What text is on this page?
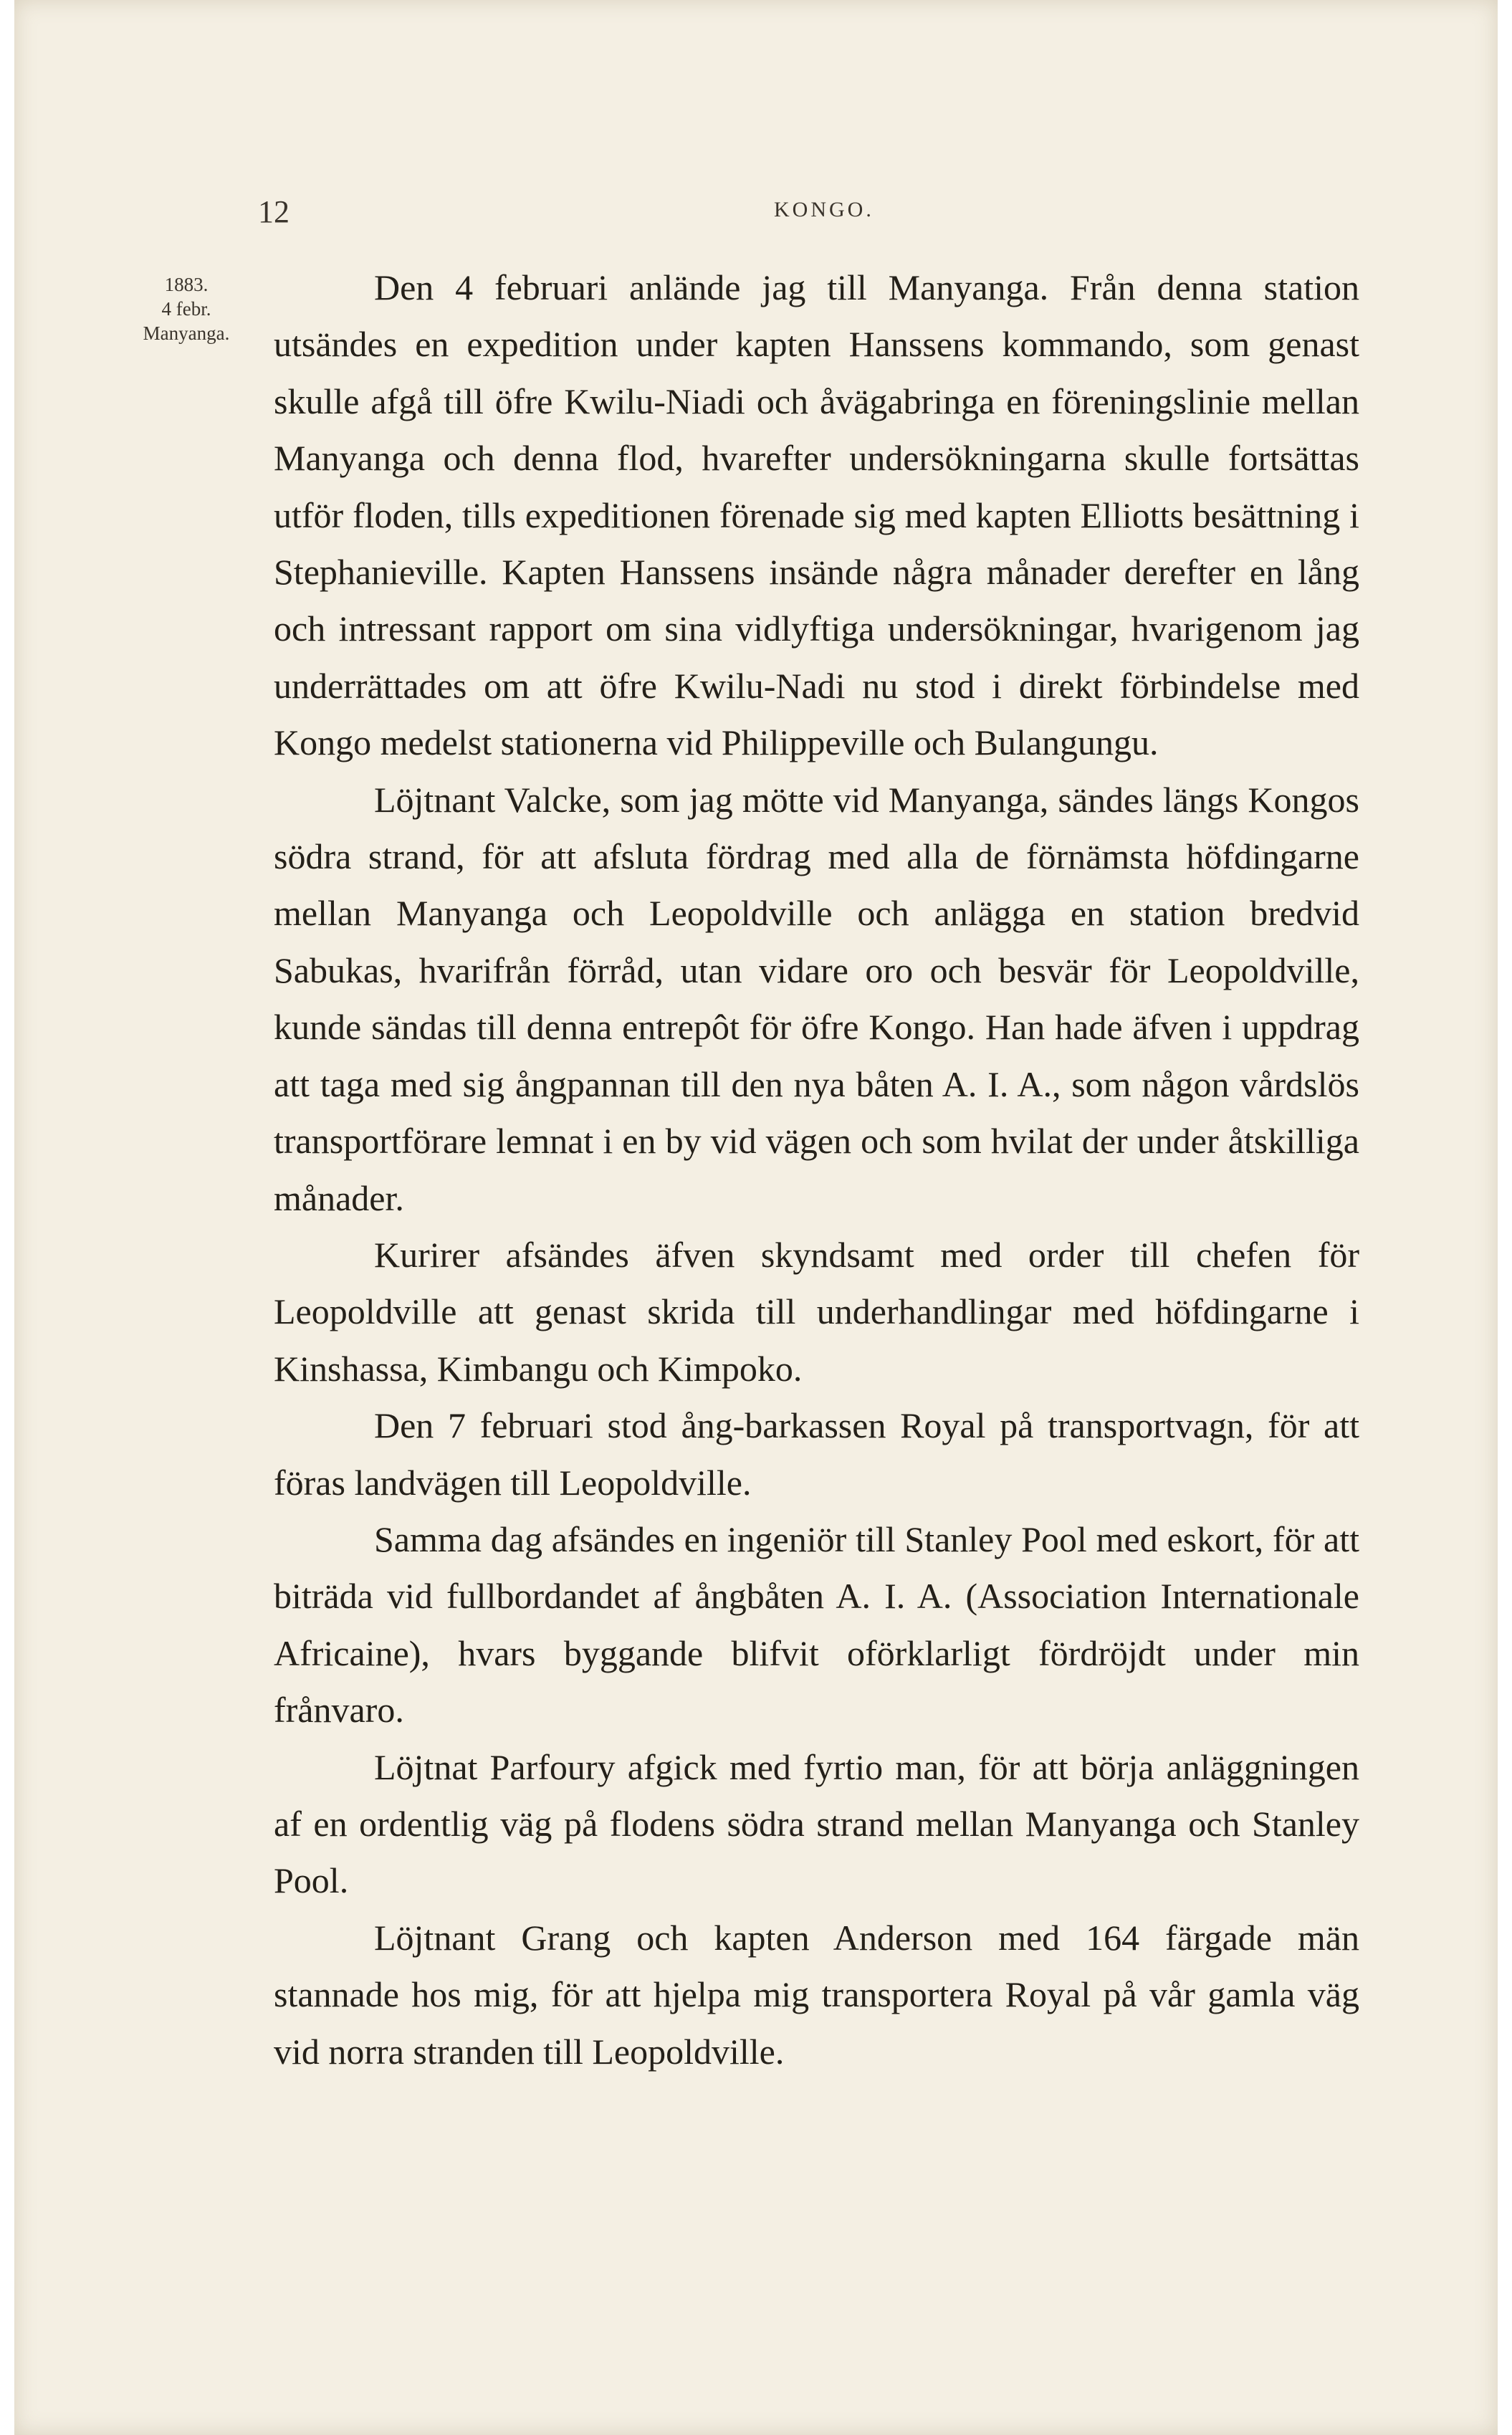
12	KONGO.
1883.
4 febr.
Manyanga.

Den 4 februari anlände jag till Manyanga. Från denna station utsändes en expedition under kapten Hanssens kommando, som genast skulle afgå till öfre Kwilu-Niadi och åvägabringa en föreningslinie mellan Manyanga och denna flod, hvarefter undersökningarna skulle fortsättas utför floden, tills expeditionen förenade sig med kapten Elliotts besättning i Stephanieville. Kapten Hanssens insände några månader derefter en lång och intressant rapport om sina vidlyftiga undersökningar, hvarigenom jag underrättades om att öfre Kwilu-Nadi nu stod i direkt förbindelse med Kongo medelst stationerna vid Philippeville och Bulangungu.

Löjtnant Valcke, som jag mötte vid Manyanga, sändes längs Kongos södra strand, för att afsluta fördrag med alla de förnämsta höfdingarne mellan Manyanga och Leopoldville och anlägga en station bredvid Sabukas, hvarifrån förråd, utan vidare oro och besvär för Leopoldville, kunde sändas till denna entrepôt för öfre Kongo. Han hade äfven i uppdrag att taga med sig ångpannan till den nya båten A. I. A., som någon vårdslös transportförare lemnat i en by vid vägen och som hvilat der under åtskilliga månader.

Kurirer afsändes äfven skyndsamt med order till chefen för Leopoldville att genast skrida till underhandlingar med höfdingarne i Kinshassa, Kimbangu och Kimpoko.

Den 7 februari stod ång-barkassen Royal på transportvagn, för att föras landvägen till Leopoldville.

Samma dag afsändes en ingeniör till Stanley Pool med eskort, för att biträda vid fullbordandet af ångbåten A. I. A. (Association Internationale Africaine), hvars byggande blifvit oförklarligt fördröjdt under min frånvaro.

Löjtnat Parfoury afgick med fyrtio man, för att börja anläggningen af en ordentlig väg på flodens södra strand mellan Manyanga och Stanley Pool.

Löjtnant Grang och kapten Anderson med 164 färgade män stannade hos mig, för att hjelpa mig transportera Royal på vår gamla väg vid norra stranden till Leopoldville.
